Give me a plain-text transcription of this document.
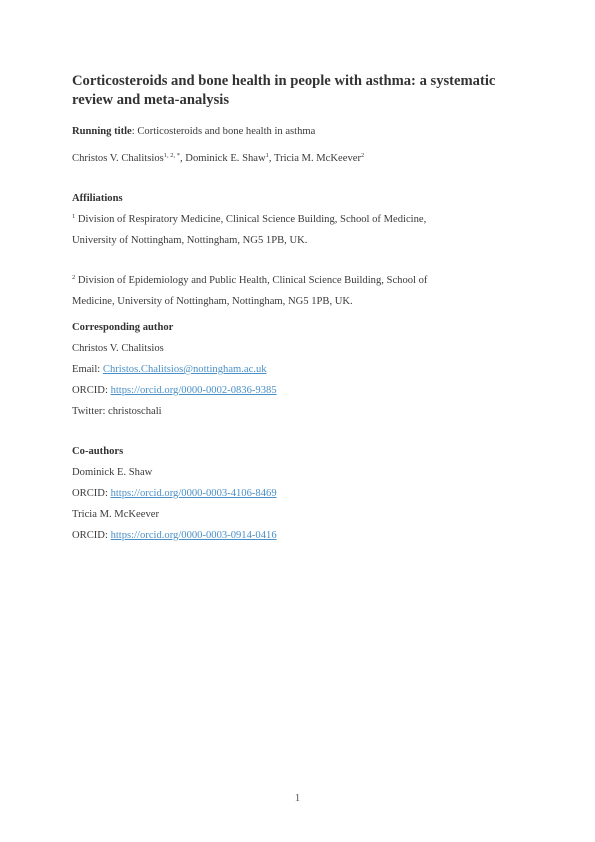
Corticosteroids and bone health in people with asthma: a systematic review and meta-analysis
Running title: Corticosteroids and bone health in asthma
Christos V. Chalitsios$^{1, 2, *}$, Dominick E. Shaw$^1$, Tricia M. McKeever$^2$
Affiliations
$^1$ Division of Respiratory Medicine, Clinical Science Building, School of Medicine,
University of Nottingham, Nottingham, NG5 1PB, UK.
$^2$ Division of Epidemiology and Public Health, Clinical Science Building, School of
Medicine, University of Nottingham, Nottingham, NG5 1PB, UK.
Corresponding author
Christos V. Chalitsios
Email: Christos.Chalitsios@nottingham.ac.uk
ORCID: https://orcid.org/0000-0002-0836-9385
Twitter: christoschali
Co-authors
Dominick E. Shaw
ORCID: https://orcid.org/0000-0003-4106-8469
Tricia M. McKeever
ORCID: https://orcid.org/0000-0003-0914-0416
1
